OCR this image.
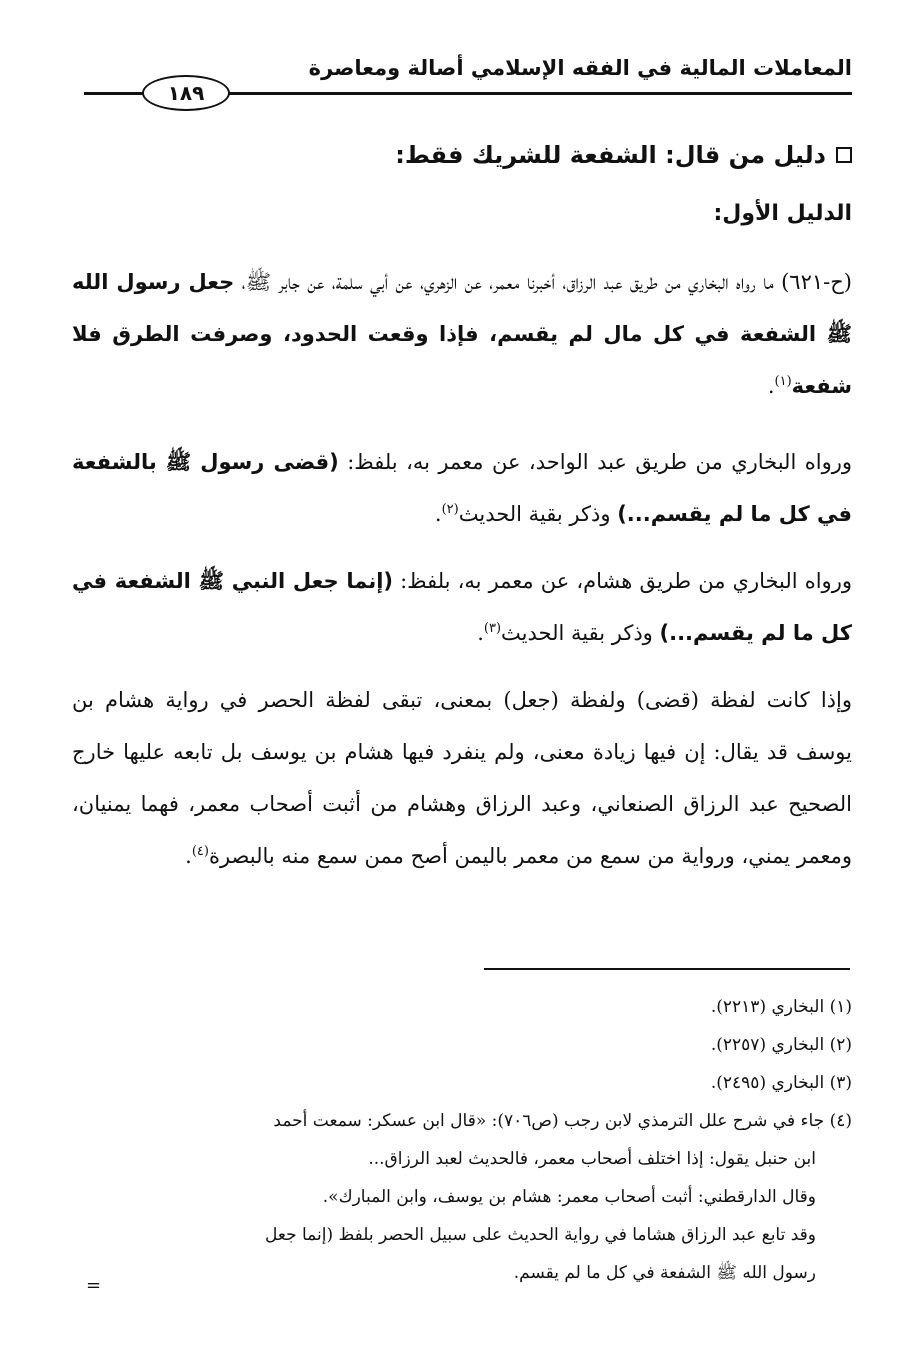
المعاملات المالية في الفقه الإسلامي أصالة ومعاصرة
١٨٩
دليل من قال: الشفعة للشريك فقط:
الدليل الأول:
(ح-٦٢١) ما رواه البخاري من طريق عبد الرزاق، أخبرنا معمر، عن الزهري، عن أبي سلمة، عن جابر ﷺ، جعل رسول الله ﷺ الشفعة في كل مال لم يقسم، فإذا وقعت الحدود، وصرفت الطرق فلا شفعة$^{(١)}$.
ورواه البخاري من طريق عبد الواحد، عن معمر به، بلفظ: (قضى رسول ﷺ بالشفعة في كل ما لم يقسم...) وذكر بقية الحديث$^{(٢)}$.
ورواه البخاري من طريق هشام، عن معمر به، بلفظ: (إنما جعل النبي ﷺ الشفعة في كل ما لم يقسم...) وذكر بقية الحديث$^{(٣)}$.
وإذا كانت لفظة (قضى) ولفظة (جعل) بمعنى، تبقى لفظة الحصر في رواية هشام بن يوسف قد يقال: إن فيها زيادة معنى، ولم ينفرد فيها هشام بن يوسف بل تابعه عليها خارج الصحيح عبد الرزاق الصنعاني، وعبد الرزاق وهشام من أثبت أصحاب معمر، فهما يمنيان، ومعمر يمني، ورواية من سمع من معمر باليمن أصح ممن سمع منه بالبصرة$^{(٤)}$.
(١) البخاري (٢٢١٣).
(٢) البخاري (٢٢٥٧).
(٣) البخاري (٢٤٩٥).
(٤) جاء في شرح علل الترمذي لابن رجب (ص٧٠٦): «قال ابن عسكر: سمعت أحمد
ابن حنبل يقول: إذا اختلف أصحاب معمر، فالحديث لعبد الرزاق...
وقال الدارقطني: أثبت أصحاب معمر: هشام بن يوسف، وابن المبارك».
وقد تابع عبد الرزاق هشاما في رواية الحديث على سبيل الحصر بلفظ (إنما جعل
رسول الله ﷺ الشفعة في كل ما لم يقسم.
=
